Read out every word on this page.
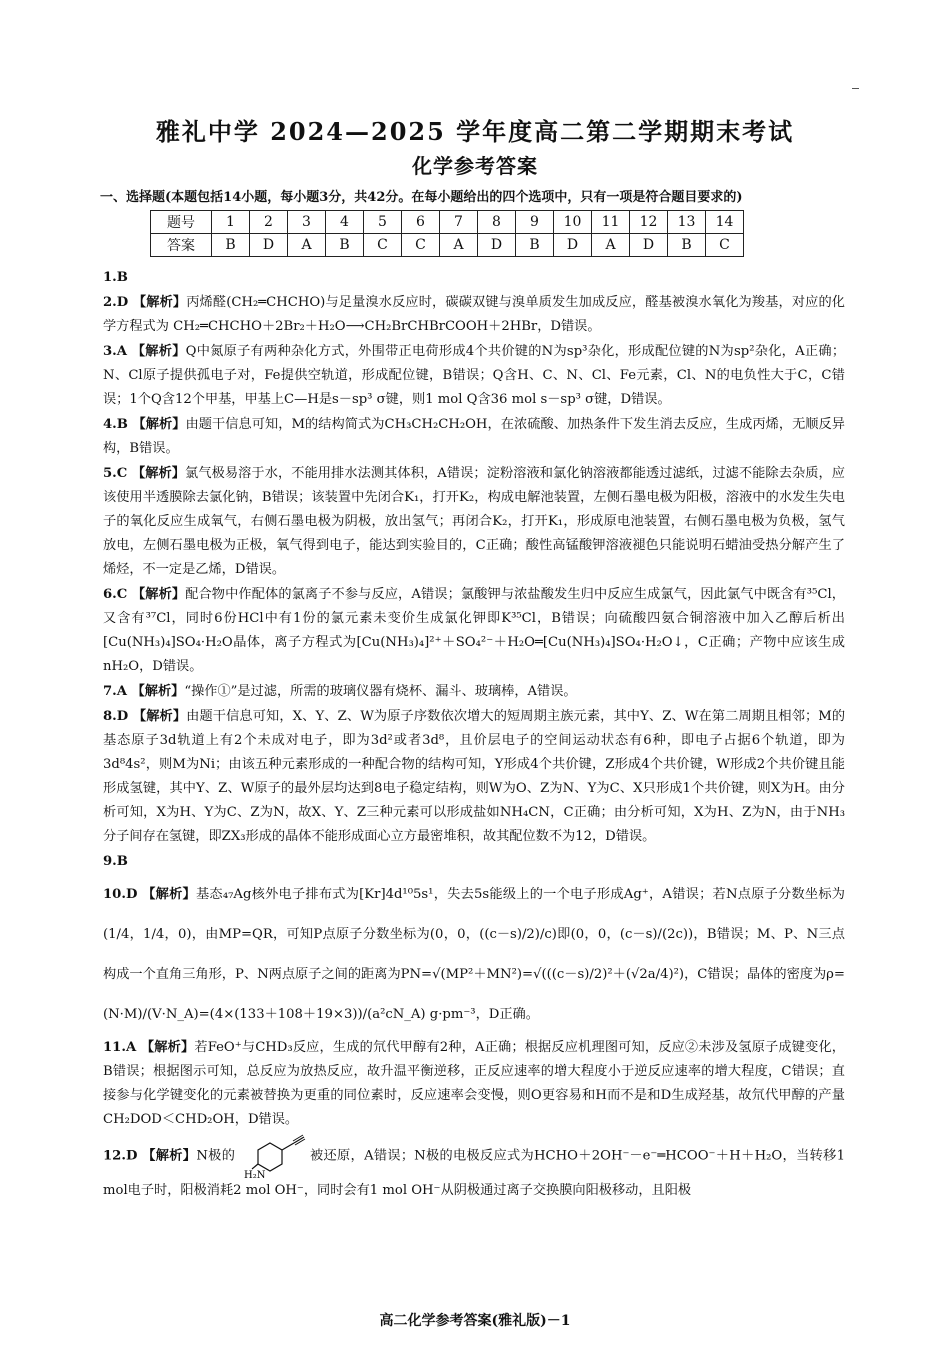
雅礼中学 2024—2025 学年度高二第二学期期末考试
化学参考答案
一、选择题(本题包括14小题，每小题3分，共42分。在每小题给出的四个选项中，只有一项是符合题目要求的)
题号	1	2	3	4	5	6	7	8	9	10	11	12	13	14
答案	B	D	A	B	C	C	A	D	B	D	A	D	B	C
1.B
2.D 【解析】丙烯醛(CH₂═CHCHO)与足量溴水反应时，碳碳双键与溴单质发生加成反应，醛基被溴水氧化为羧基，对应的化学方程式为 CH₂═CHCHO＋2Br₂＋H₂O⟶CH₂BrCHBrCOOH＋2HBr，D错误。
3.A 【解析】Q中氮原子有两种杂化方式，外围带正电荷形成4个共价键的N为sp³杂化，形成配位键的N为sp²杂化，A正确；N、Cl原子提供孤电子对，Fe提供空轨道，形成配位键，B错误；Q含H、C、N、Cl、Fe元素，Cl、N的电负性大于C，C错误；1个Q含12个甲基，甲基上C—H是s－sp³ σ键，则1 mol Q含36 mol s－sp³ σ键，D错误。
4.B 【解析】由题干信息可知，M的结构简式为CH₃CH₂CH₂OH，在浓硫酸、加热条件下发生消去反应，生成丙烯，无顺反异构，B错误。
5.C 【解析】氯气极易溶于水，不能用排水法测其体积，A错误；淀粉溶液和氯化钠溶液都能透过滤纸，过滤不能除去杂质，应该使用半透膜除去氯化钠，B错误；该装置中先闭合K₁，打开K₂，构成电解池装置，左侧石墨电极为阳极，溶液中的水发生失电子的氧化反应生成氧气，右侧石墨电极为阴极，放出氢气；再闭合K₂，打开K₁，形成原电池装置，右侧石墨电极为负极，氢气放电，左侧石墨电极为正极，氧气得到电子，能达到实验目的，C正确；酸性高锰酸钾溶液褪色只能说明石蜡油受热分解产生了烯烃，不一定是乙烯，D错误。
6.C 【解析】配合物中作配体的氯离子不参与反应，A错误；氯酸钾与浓盐酸发生归中反应生成氯气，因此氯气中既含有³⁵Cl，又含有³⁷Cl，同时6份HCl中有1份的氯元素未变价生成氯化钾即K³⁵Cl，B错误；向硫酸四氨合铜溶液中加入乙醇后析出[Cu(NH₃)₄]SO₄·H₂O晶体，离子方程式为[Cu(NH₃)₄]²⁺＋SO₄²⁻＋H₂O═[Cu(NH₃)₄]SO₄·H₂O↓，C正确；产物中应该生成nH₂O，D错误。
7.A 【解析】“操作①”是过滤，所需的玻璃仪器有烧杯、漏斗、玻璃棒，A错误。
8.D 【解析】由题干信息可知，X、Y、Z、W为原子序数依次增大的短周期主族元素，其中Y、Z、W在第二周期且相邻；M的基态原子3d轨道上有2个未成对电子，即为3d²或者3d⁸，且价层电子的空间运动状态有6种，即电子占据6个轨道，即为3d⁸4s²，则M为Ni；由该五种元素形成的一种配合物的结构可知，Y形成4个共价键，Z形成4个共价键，W形成2个共价键且能形成氢键，其中Y、Z、W原子的最外层均达到8电子稳定结构，则W为O、Z为N、Y为C、X只形成1个共价键，则X为H。由分析可知，X为H、Y为C、Z为N，故X、Y、Z三种元素可以形成盐如NH₄CN，C正确；由分析可知，X为H、Z为N，由于NH₃分子间存在氢键，即ZX₃形成的晶体不能形成面心立方最密堆积，故其配位数不为12，D错误。
9.B
10.D 【解析】基态₄₇Ag核外电子排布式为[Kr]4d¹⁰5s¹，失去5s能级上的一个电子形成Ag⁺，A错误；若N点原子分数坐标为(1/4，1/4，0)，由MP=QR，可知P点原子分数坐标为(0，0，((c－s)/2)/c)即(0，0，(c－s)/(2c))，B错误；M、P、N三点构成一个直角三角形，P、N两点原子之间的距离为PN=√(MP²＋MN²)=√(((c－s)/2)²＋(√2a/4)²)，C错误；晶体的密度为ρ=(N·M)/(V·N_A)=(4×(133＋108＋19×3))/(a²cN_A) g·pm⁻³，D正确。
11.A 【解析】若FeO⁺与CHD₃反应，生成的氘代甲醇有2种，A正确；根据反应机理图可知，反应②未涉及氢原子成键变化，B错误；根据图示可知，总反应为放热反应，故升温平衡逆移，正反应速率的增大程度小于逆反应速率的增大程度，C错误；直接参与化学键变化的元素被替换为更重的同位素时，反应速率会变慢，则O更容易和H而不是和D生成羟基，故氘代甲醇的产量CH₂DOD＜CHD₂OH，D错误。
12.D 【解析】N极的
H₂N
被还原，A错误；N极的电极反应式为HCHO＋2OH⁻－e⁻═HCOO⁻＋H＋H₂O，当转移1 mol电子时，阳极消耗2 mol OH⁻，同时会有1 mol OH⁻从阴极通过离子交换膜向阳极移动，且阳极
高二化学参考答案(雅礼版)－1
